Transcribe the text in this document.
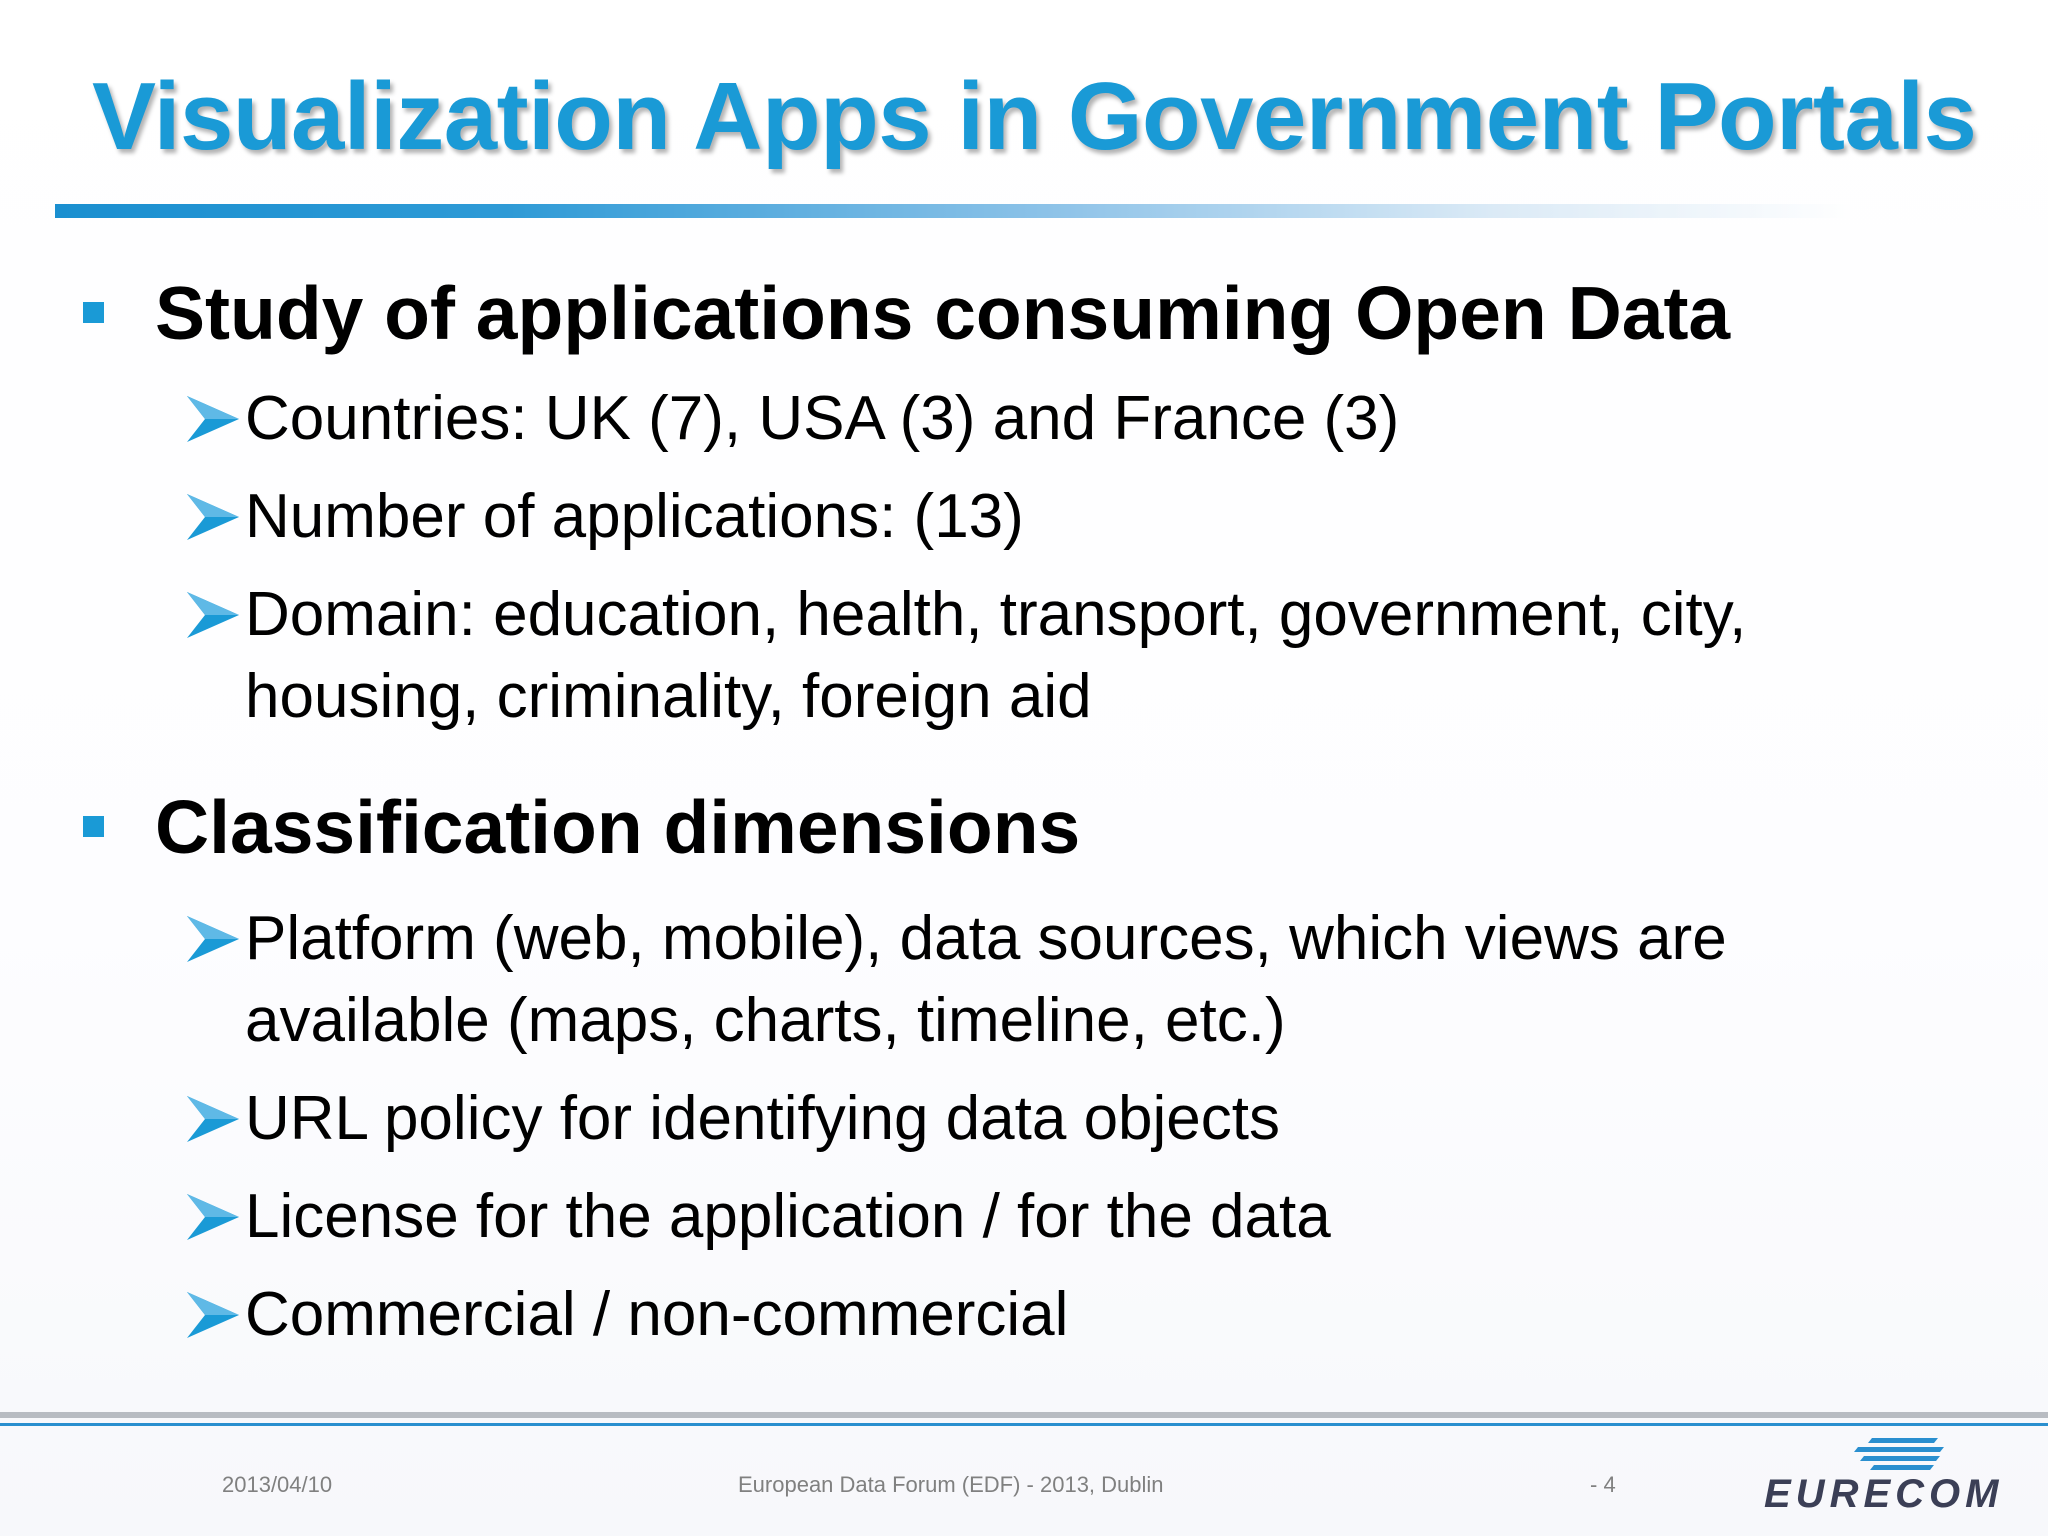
Visualization Apps in Government Portals
Study of applications consuming Open Data
Countries: UK (7), USA (3) and France (3)
Number of applications: (13)
Domain: education, health, transport, government, city,
housing, criminality, foreign aid
Classification dimensions
Platform (web, mobile), data sources, which views are
available (maps, charts, timeline, etc.)
URL policy for identifying data objects
License for the application / for the data
Commercial / non-commercial
2013/04/10	European Data Forum (EDF) - 2013, Dublin	- 4	EURECOM
